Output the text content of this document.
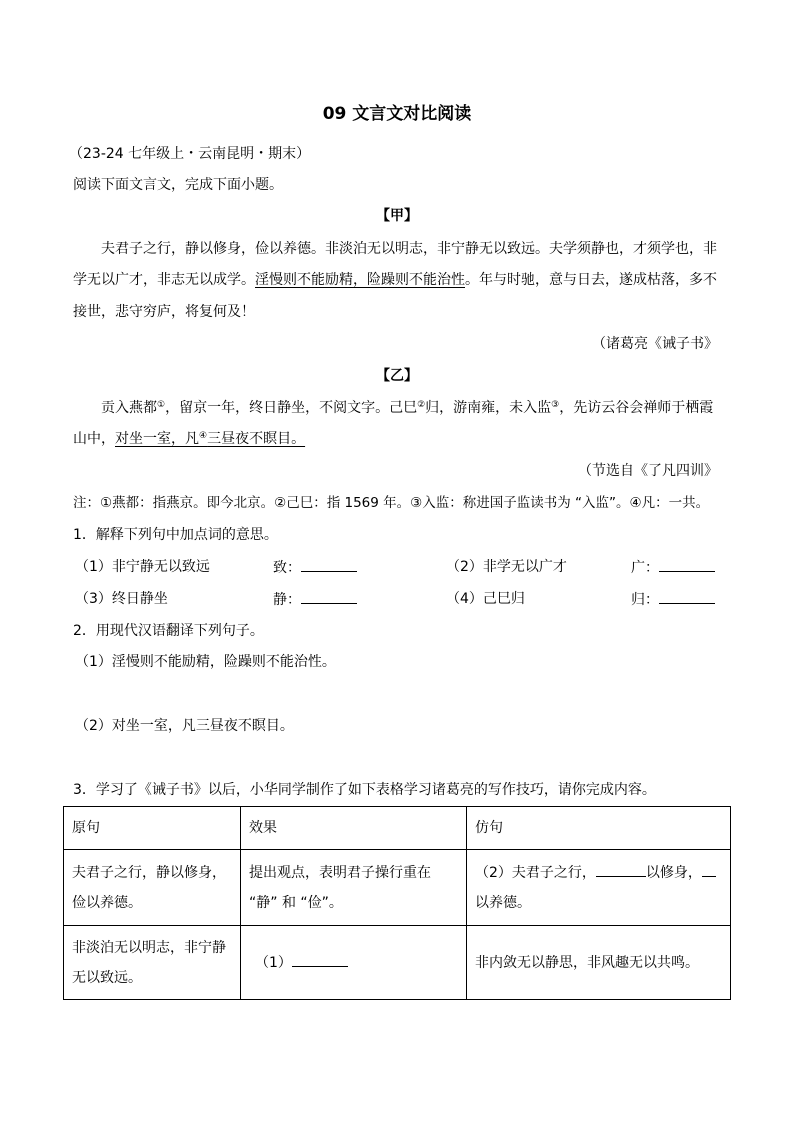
09 文言文对比阅读
（23-24 七年级上・云南昆明・期末）
阅读下面文言文，完成下面小题。
【甲】
夫君子之行，静以修身，俭以养德。非淡泊无以明志，非宁静无以致远。夫学须静也，才须学也，非
学无以广才，非志无以成学。淫慢则不能励精，险躁则不能治性。年与时驰，意与日去，遂成枯落，多不
接世，悲守穷庐，将复何及！
（诸葛亮《诫子书》
【乙】
贡入燕都①，留京一年，终日静坐，不阅文字。己巳②归，游南雍，未入监③，先访云谷会禅师于栖霞
山中，对坐一室，凡④三昼夜不瞑目。
（节选自《了凡四训》
注：①燕都：指燕京。即今北京。②己巳：指 1569 年。③入监：称进国子监读书为 “入监”。④凡：一共。
1．解释下列句中加点词的意思。
（1）非宁静无以致远	致：	（2）非学无以广才	广：
（3）终日静坐	静：	（4）己巳归	归：
2．用现代汉语翻译下列句子。
（1）淫慢则不能励精，险躁则不能治性。
（2）对坐一室，凡三昼夜不瞑目。
3．学习了《诫子书》以后，小华同学制作了如下表格学习诸葛亮的写作技巧，请你完成内容。
原句	效果	仿句
夫君子之行，静以修身，俭以养德。	提出观点，表明君子操行重在 “静” 和 “俭”。	（2）夫君子之行， 以修身，以养德。
非淡泊无以明志，非宁静无以致远。	（1）	非内敛无以静思，非风趣无以共鸣。
